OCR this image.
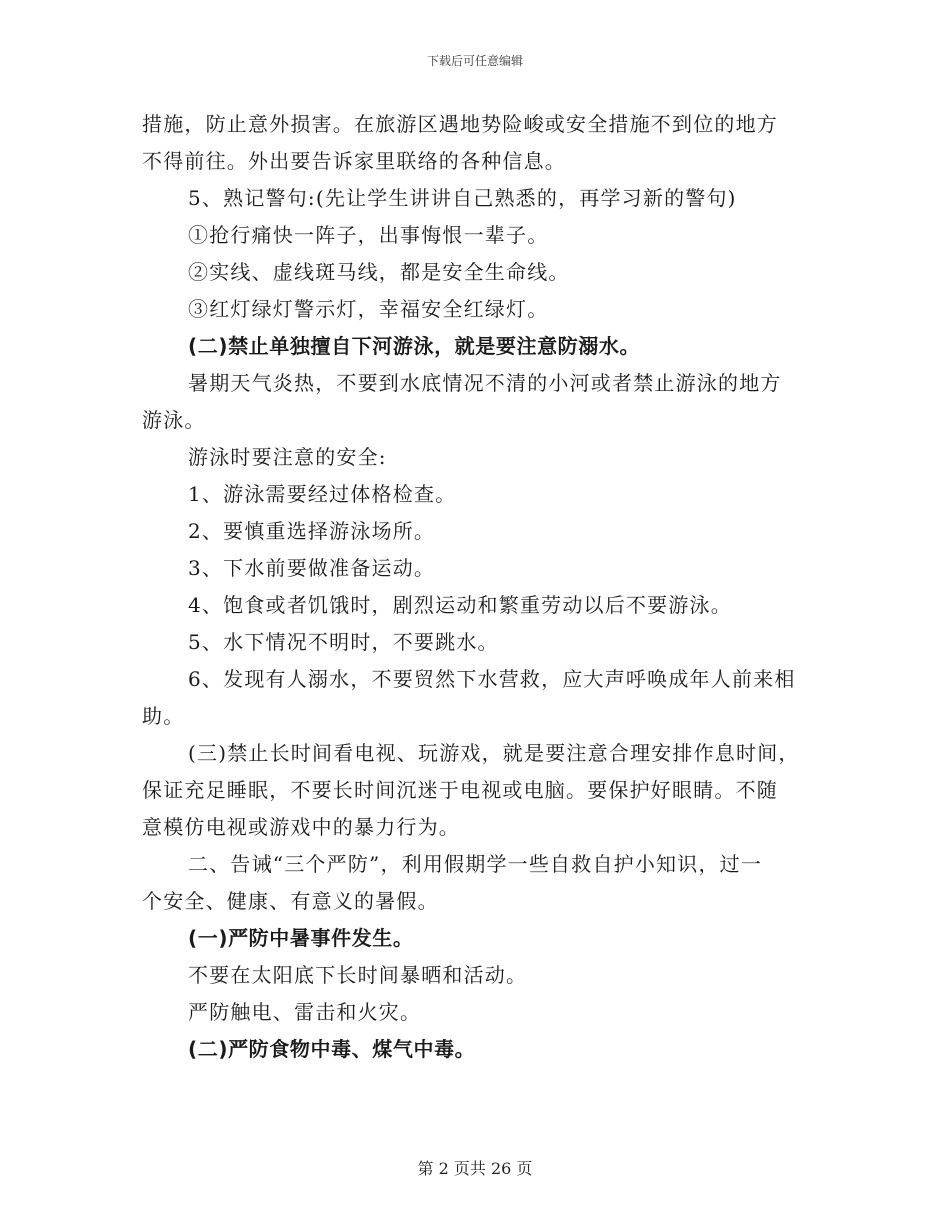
下载后可任意编辑
措施，防止意外损害。在旅游区遇地势险峻或安全措施不到位的地方
不得前往。外出要告诉家里联络的各种信息。
5、熟记警句:(先让学生讲讲自己熟悉的，再学习新的警句)
①抢行痛快一阵子，出事悔恨一辈子。
②实线、虚线斑马线，都是安全生命线。
③红灯绿灯警示灯，幸福安全红绿灯。
(二)禁止单独擅自下河游泳，就是要注意防溺水。
暑期天气炎热，不要到水底情况不清的小河或者禁止游泳的地方
游泳。
游泳时要注意的安全:
1、游泳需要经过体格检查。
2、要慎重选择游泳场所。
3、下水前要做准备运动。
4、饱食或者饥饿时，剧烈运动和繁重劳动以后不要游泳。
5、水下情况不明时，不要跳水。
6、发现有人溺水，不要贸然下水营救，应大声呼唤成年人前来相
助。
(三)禁止长时间看电视、玩游戏，就是要注意合理安排作息时间，
保证充足睡眠，不要长时间沉迷于电视或电脑。要保护好眼睛。不随
意模仿电视或游戏中的暴力行为。
二、告诫“三个严防”，利用假期学一些自救自护小知识，过一
个安全、健康、有意义的暑假。
(一)严防中暑事件发生。
不要在太阳底下长时间暴晒和活动。
严防触电、雷击和火灾。
(二)严防食物中毒、煤气中毒。
第 2 页共 26 页
